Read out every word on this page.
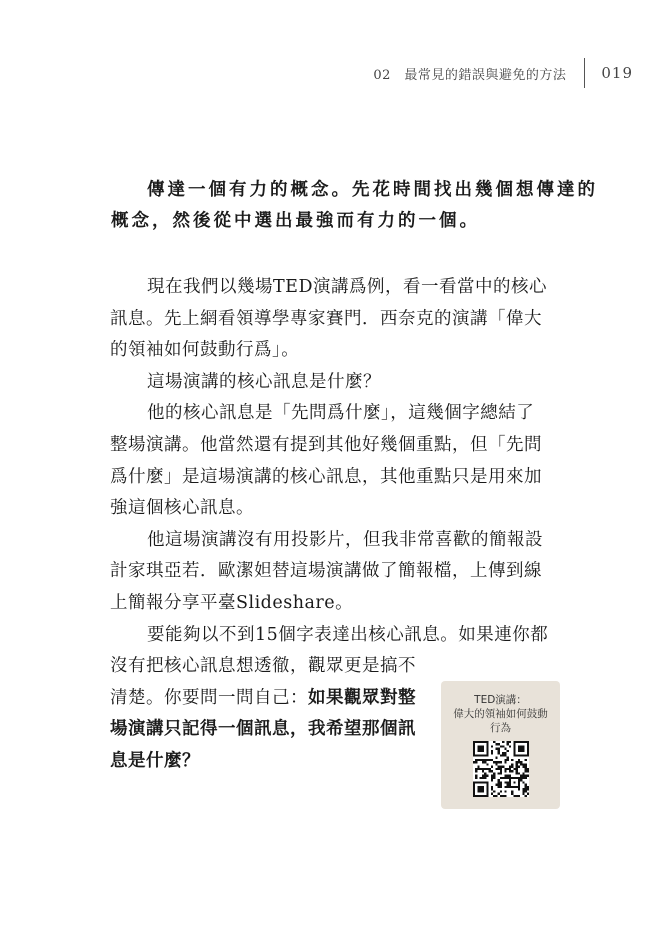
02　最常見的錯誤與避免的方法 019
傳達一個有力的概念。先花時間找出幾個想傳達的
概念，然後從中選出最強而有力的一個。
現在我們以幾場TED演講爲例，看一看當中的核心
訊息。先上網看領導學專家賽門．西奈克的演講「偉大
的領袖如何鼓動行爲」。
這場演講的核心訊息是什麼？
他的核心訊息是「先問爲什麼」，這幾個字總結了
整場演講。他當然還有提到其他好幾個重點，但「先問
爲什麼」是這場演講的核心訊息，其他重點只是用來加
強這個核心訊息。
他這場演講沒有用投影片，但我非常喜歡的簡報設
計家琪亞若．歐潔妲替這場演講做了簡報檔，上傳到線
上簡報分享平臺Slideshare。
要能夠以不到15個字表達出核心訊息。如果連你都
沒有把核心訊息想透徹，觀眾更是搞不
清楚。你要問一問自己：如果觀眾對整
場演講只記得一個訊息，我希望那個訊
息是什麼？
TED演講：
偉大的領袖如何鼓動
行為
